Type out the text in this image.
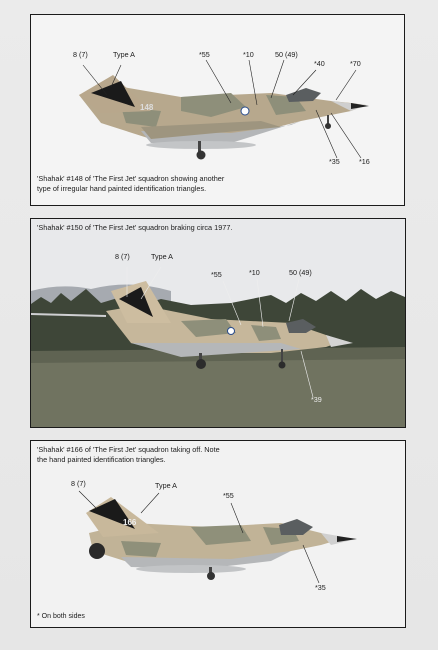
148
8 (7)	Type A	*55	*10	50 (49)
*40	*70
*35	*16

'Shahak' #148 of 'The First Jet' squadron showing another
type of irregular hand painted identification triangles.

'Shahak' #150 of 'The First Jet' squadron braking circa 1977.

8 (7)	Type A
*55	*10	50 (49)
*39
166

'Shahak' #166 of 'The First Jet' squadron taking off. Note
the hand painted identification triangles.

8 (7)	Type A
*55
*35
* On both sides
